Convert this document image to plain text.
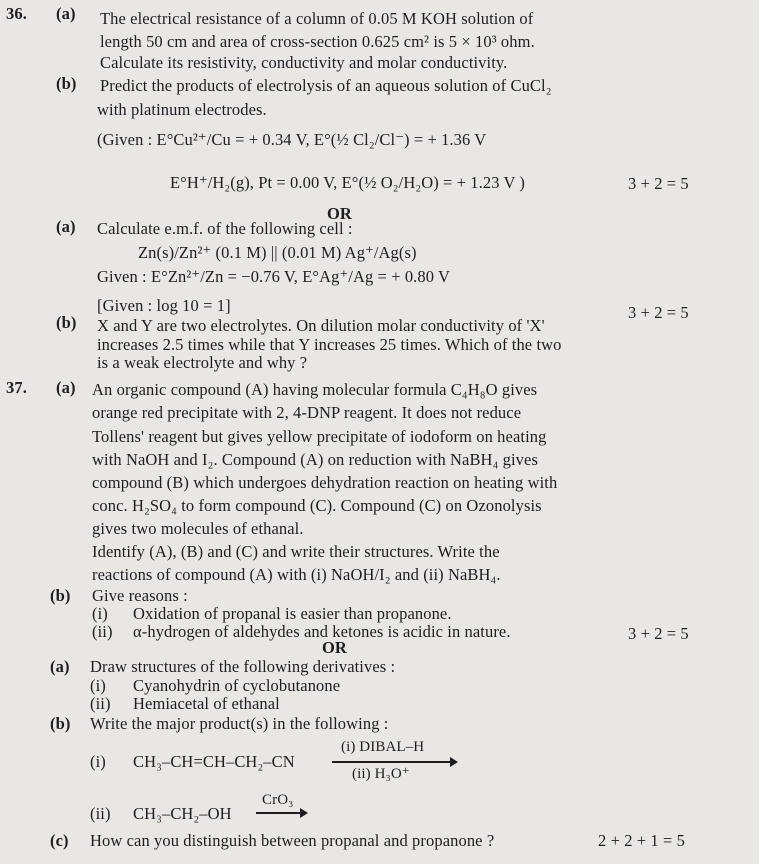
36. (a) The electrical resistance of a column of 0.05 M KOH solution of
length 50 cm and area of cross-section 0.625 cm² is 5 × 10³ ohm.
Calculate its resistivity, conductivity and molar conductivity.
(b) Predict the products of electrolysis of an aqueous solution of CuCl₂
with platinum electrodes.
(Given : E°Cu²⁺/Cu = + 0.34 V, E°(½ Cl₂/Cl⁻) = + 1.36 V
E°H⁺/H₂(g), Pt = 0.00 V, E°(½ O₂/H₂O) = + 1.23 V )	3 + 2 = 5
OR
(a) Calculate e.m.f. of the following cell :
Zn(s)/Zn²⁺ (0.1 M) || (0.01 M) Ag⁺/Ag(s)
Given : E°Zn²⁺/Zn = −0.76 V, E°Ag⁺/Ag = + 0.80 V
[Given : log 10 = 1]	3 + 2 = 5
(b) X and Y are two electrolytes. On dilution molar conductivity of 'X'
increases 2.5 times while that Y increases 25 times. Which of the two
is a weak electrolyte and why ?
37. (a) An organic compound (A) having molecular formula C₄H₈O gives
orange red precipitate with 2, 4-DNP reagent. It does not reduce
Tollens' reagent but gives yellow precipitate of iodoform on heating
with NaOH and I₂. Compound (A) on reduction with NaBH₄ gives
compound (B) which undergoes dehydration reaction on heating with
conc. H₂SO₄ to form compound (C). Compound (C) on Ozonolysis
gives two molecules of ethanal.
Identify (A), (B) and (C) and write their structures. Write the
reactions of compound (A) with (i) NaOH/I₂ and (ii) NaBH₄.
(b) Give reasons :
(i) Oxidation of propanal is easier than propanone.
(ii) α-hydrogen of aldehydes and ketones is acidic in nature.	3 + 2 = 5
OR
(a) Draw structures of the following derivatives :
(i) Cyanohydrin of cyclobutanone
(ii) Hemiacetal of ethanal
(b) Write the major product(s) in the following :
(i) CH₃–CH=CH–CH₂–CN
(i) DIBAL–H
(ii) H₃O⁺
(ii) CH₃–CH₂–OH
CrO₃
(c) How can you distinguish between propanal and propanone ?	2 + 2 + 1 = 5
